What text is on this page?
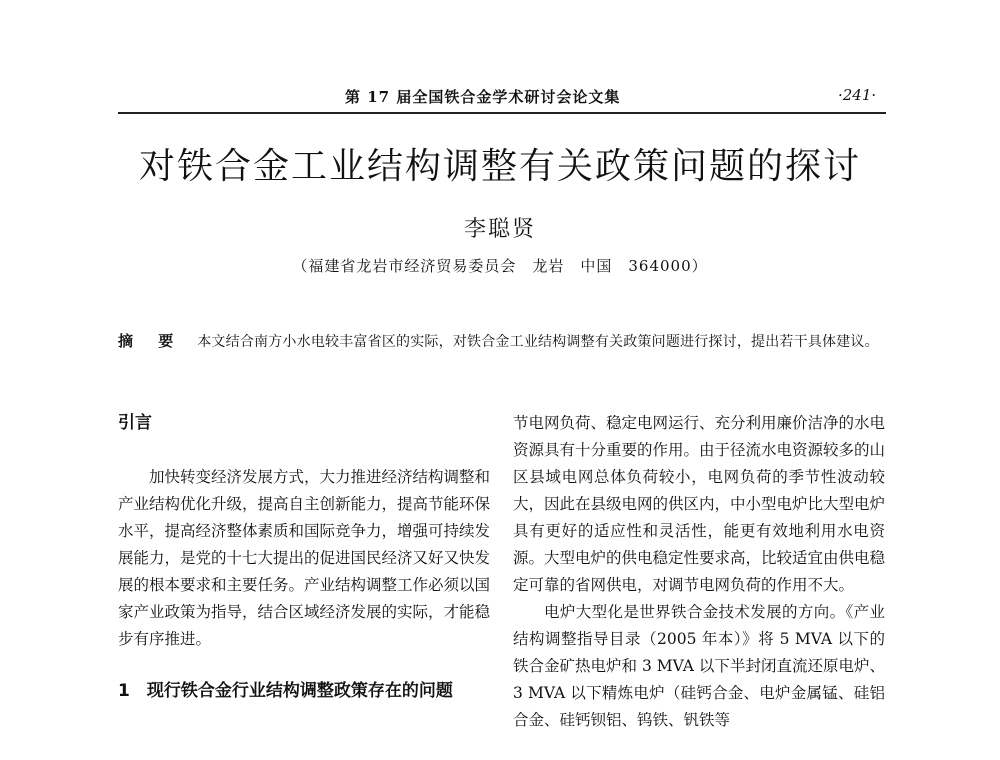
第 17 届全国铁合金学术研讨会论文集	·241·
对铁合金工业结构调整有关政策问题的探讨
李聪贤
（福建省龙岩市经济贸易委员会　龙岩　中国　364000）
摘 要 本文结合南方小水电较丰富省区的实际，对铁合金工业结构调整有关政策问题进行探讨，提出若干具体建议。
引言

加快转变经济发展方式，大力推进经济结构调整和产业结构优化升级，提高自主创新能力，提高节能环保水平，提高经济整体素质和国际竞争力，增强可持续发展能力，是党的十七大提出的促进国民经济又好又快发展的根本要求和主要任务。产业结构调整工作必须以国家产业政策为指导，结合区域经济发展的实际，才能稳步有序推进。

1　现行铁合金行业结构调整政策存在的问题

节电网负荷、稳定电网运行、充分利用廉价洁净的水电资源具有十分重要的作用。由于径流水电资源较多的山区县域电网总体负荷较小，电网负荷的季节性波动较大，因此在县级电网的供区内，中小型电炉比大型电炉具有更好的适应性和灵活性，能更有效地利用水电资源。大型电炉的供电稳定性要求高，比较适宜由供电稳定可靠的省网供电，对调节电网负荷的作用不大。

电炉大型化是世界铁合金技术发展的方向。《产业结构调整指导目录（2005 年本）》将 5 MVA 以下的铁合金矿热电炉和 3 MVA 以下半封闭直流还原电炉、3 MVA 以下精炼电炉（硅钙合金、电炉金属锰、硅铝合金、硅钙钡铝、钨铁、钒铁等
